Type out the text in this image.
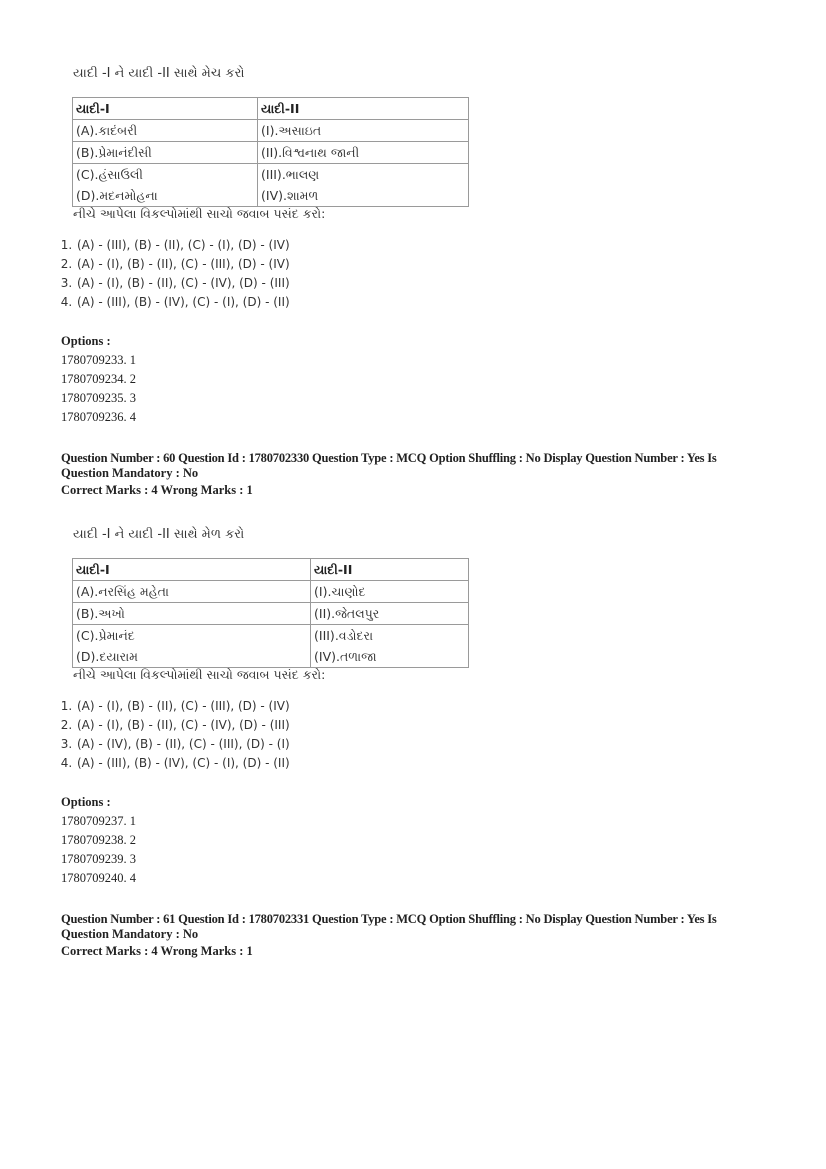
યાદી -I ને યાદી -II સાથે મેચ કરો
યાદી-I	યાદી-II
(A).કાદંબરી	(I).અસાઇત
(B).પ્રેમાનંદીસી	(II).વિશ્વનાથ જાની
(C).હંસાઉલી	(III).ભાલણ
(D).મદનમોહના	(IV).શામળ
નીચે આપેલા વિકલ્પોમાંથી સાચો જવાબ પસંદ કરો:
1. (A) - (III), (B) - (II), (C) - (I), (D) - (IV)
2. (A) - (I), (B) - (II), (C) - (III), (D) - (IV)
3. (A) - (I), (B) - (II), (C) - (IV), (D) - (III)
4. (A) - (III), (B) - (IV), (C) - (I), (D) - (II)
Options :
1780709233. 1
1780709234. 2
1780709235. 3
1780709236. 4
Question Number : 60 Question Id : 1780702330 Question Type : MCQ Option Shuffling : No Display Question Number : Yes Is
Question Mandatory : No
Correct Marks : 4 Wrong Marks : 1
યાદી -I ને યાદી -II સાથે મેળ કરો
યાદી-I	યાદી-II
(A).નરસિંહ મહેતા	(I).ચાણોદ
(B).અખો	(II).જેતલપુર
(C).પ્રેમાનંદ	(III).વડોદરા
(D).દયારામ	(IV).તળાજા
નીચે આપેલા વિકલ્પોમાંથી સાચો જવાબ પસંદ કરો:
1. (A) - (I), (B) - (II), (C) - (III), (D) - (IV)
2. (A) - (I), (B) - (II), (C) - (IV), (D) - (III)
3. (A) - (IV), (B) - (II), (C) - (III), (D) - (I)
4. (A) - (III), (B) - (IV), (C) - (I), (D) - (II)
Options :
1780709237. 1
1780709238. 2
1780709239. 3
1780709240. 4
Question Number : 61 Question Id : 1780702331 Question Type : MCQ Option Shuffling : No Display Question Number : Yes Is
Question Mandatory : No
Correct Marks : 4 Wrong Marks : 1
